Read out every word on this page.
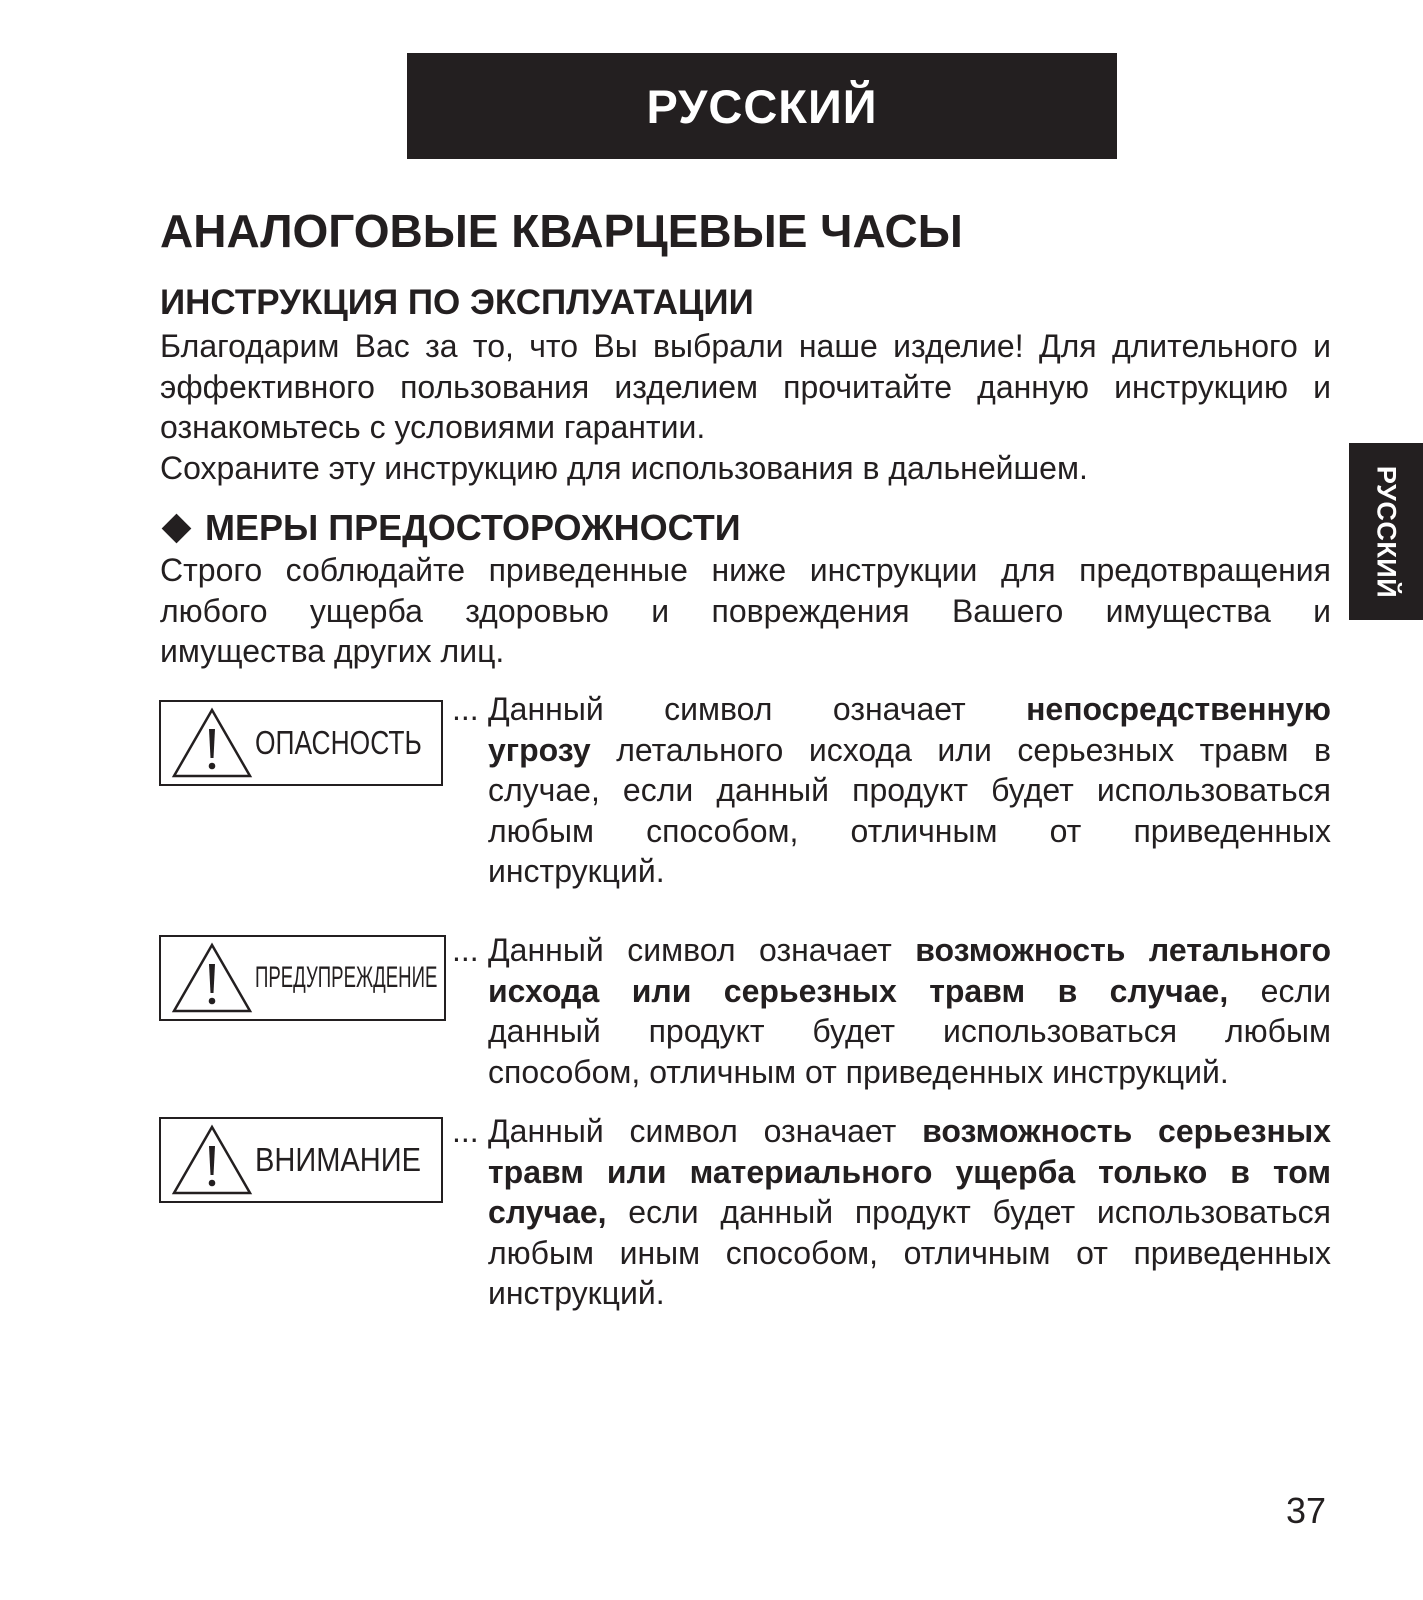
РУССКИЙ
РУССКИЙ
АНАЛОГОВЫЕ КВАРЦЕВЫЕ ЧАСЫ
ИНСТРУКЦИЯ ПО ЭКСПЛУАТАЦИИ
Благодарим Вас за то, что Вы выбрали наше изделие! Для длительного и
эффективного пользования изделием прочитайте данную инструкцию и
ознакомьтесь с условиями гарантии.
Сохраните эту инструкцию для использования в дальнейшем.
МЕРЫ ПРЕДОСТОРОЖНОСТИ
Строго соблюдайте приведенные ниже инструкции для предотвращения
любого ущерба здоровью и повреждения Вашего имущества и
имущества других лиц.
ОПАСНОСТЬ
... Данный символ означает непосредственную
угрозу летального исхода или серьезных травм в
случае, если данный продукт будет использоваться
любым способом, отличным от приведенных
инструкций.
ПРЕДУПРЕЖДЕНИЕ
... Данный символ означает возможность летального
исхода или серьезных травм в случае, если
данный продукт будет использоваться любым
способом, отличным от приведенных инструкций.
ВНИМАНИЕ
... Данный символ означает возможность серьезных
травм или материального ущерба только в том
случае, если данный продукт будет использоваться
любым иным способом, отличным от приведенных
инструкций.
37
